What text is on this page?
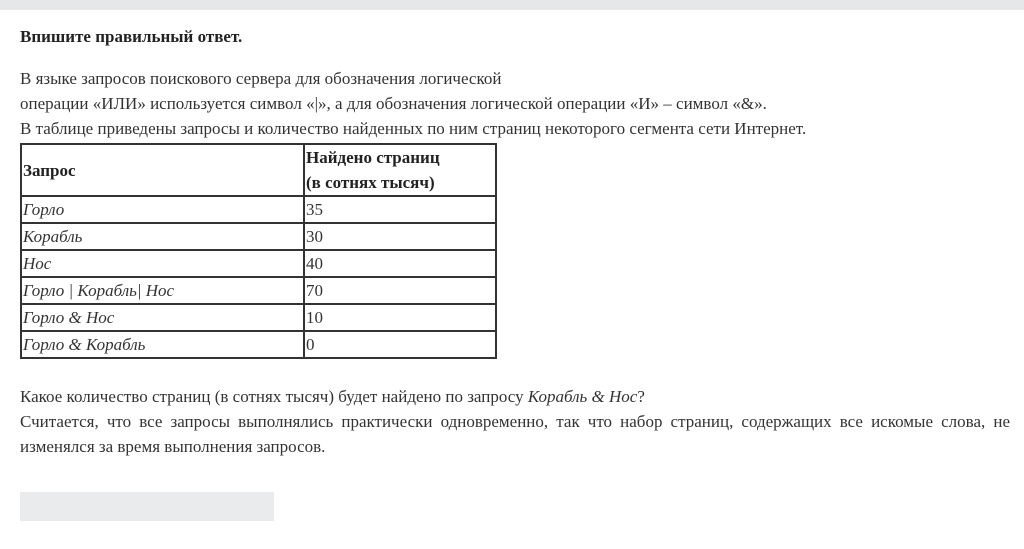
Впишите правильный ответ.

В языке запросов поискового сервера для обозначения логической

операции «ИЛИ» используется символ «|», а для обозначения логической операции «И» – символ «&».

В таблице приведены запросы и количество найденных по ним страниц некоторого сегмента сети Интернет.

Запрос	Найдено страниц
(в сотнях тысяч)

Горло	35
Корабль	30
Нос	40
Горло | Корабль| Нос	70
Горло & Нос	10
Горло & Корабль	0

Какое количество страниц (в сотнях тысяч) будет найдено по запросу Корабль & Нос?

Считается, что все запросы выполнялись практически одновременно, так что набор страниц, содержащих все искомые слова, не изменялся за время выполнения запросов.
